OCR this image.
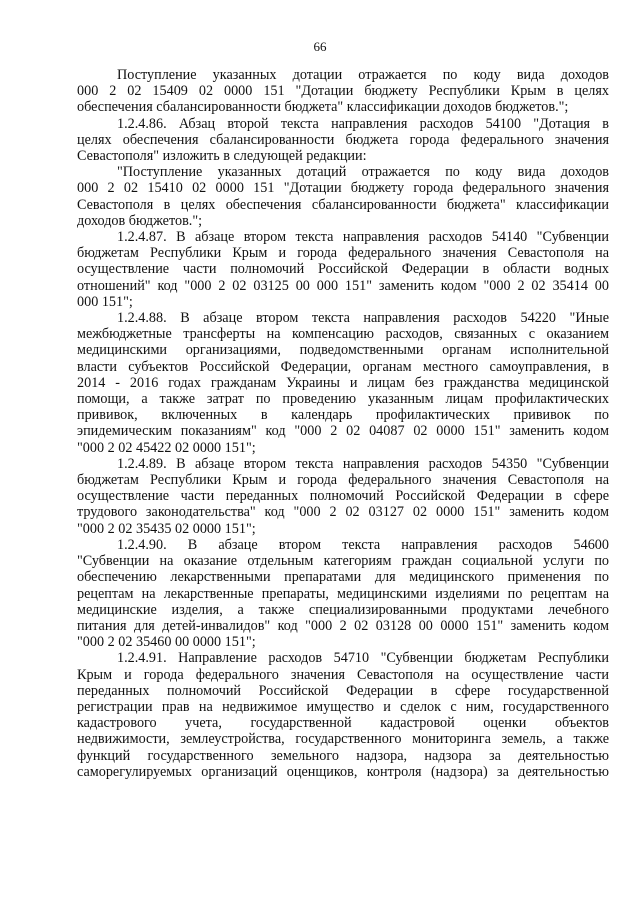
66
Поступление указанных дотации отражается по коду вида доходов
000 2 02 15409 02 0000 151 "Дотации бюджету Республики Крым в целях
обеспечения сбалансированности бюджета" классификации доходов бюджетов.";
1.2.4.86. Абзац второй текста направления расходов 54100 "Дотация в
целях обеспечения сбалансированности бюджета города федерального значения
Севастополя" изложить в следующей редакции:
"Поступление указанных дотаций отражается по коду вида доходов
000 2 02 15410 02 0000 151 "Дотации бюджету города федерального значения
Севастополя в целях обеспечения сбалансированности бюджета" классификации
доходов бюджетов.";
1.2.4.87. В абзаце втором текста направления расходов 54140 "Субвенции
бюджетам Республики Крым и города федерального значения Севастополя на
осуществление части полномочий Российской Федерации в области водных
отношений" код "000 2 02 03125 00 000 151" заменить кодом "000 2 02 35414 00
000 151";
1.2.4.88. В абзаце втором текста направления расходов 54220 "Иные
межбюджетные трансферты на компенсацию расходов, связанных с оказанием
медицинскими организациями, подведомственными органам исполнительной
власти субъектов Российской Федерации, органам местного самоуправления, в
2014 - 2016 годах гражданам Украины и лицам без гражданства медицинской
помощи, а также затрат по проведению указанным лицам профилактических
прививок, включенных в календарь профилактических прививок по
эпидемическим показаниям" код "000 2 02 04087 02 0000 151" заменить кодом
"000 2 02 45422 02 0000 151";
1.2.4.89. В абзаце втором текста направления расходов 54350 "Субвенции
бюджетам Республики Крым и города федерального значения Севастополя на
осуществление части переданных полномочий Российской Федерации в сфере
трудового законодательства" код "000 2 02 03127 02 0000 151" заменить кодом
"000 2 02 35435 02 0000 151";
1.2.4.90. В абзаце втором текста направления расходов 54600
"Субвенции на оказание отдельным категориям граждан социальной услуги по
обеспечению лекарственными препаратами для медицинского применения по
рецептам на лекарственные препараты, медицинскими изделиями по рецептам на
медицинские изделия, а также специализированными продуктами лечебного
питания для детей-инвалидов" код "000 2 02 03128 00 0000 151" заменить кодом
"000 2 02 35460 00 0000 151";
1.2.4.91. Направление расходов 54710 "Субвенции бюджетам Республики
Крым и города федерального значения Севастополя на осуществление части
переданных полномочий Российской Федерации в сфере государственной
регистрации прав на недвижимое имущество и сделок с ним, государственного
кадастрового учета, государственной кадастровой оценки объектов
недвижимости, землеустройства, государственного мониторинга земель, а также
функций государственного земельного надзора, надзора за деятельностью
саморегулируемых организаций оценщиков, контроля (надзора) за деятельностью
